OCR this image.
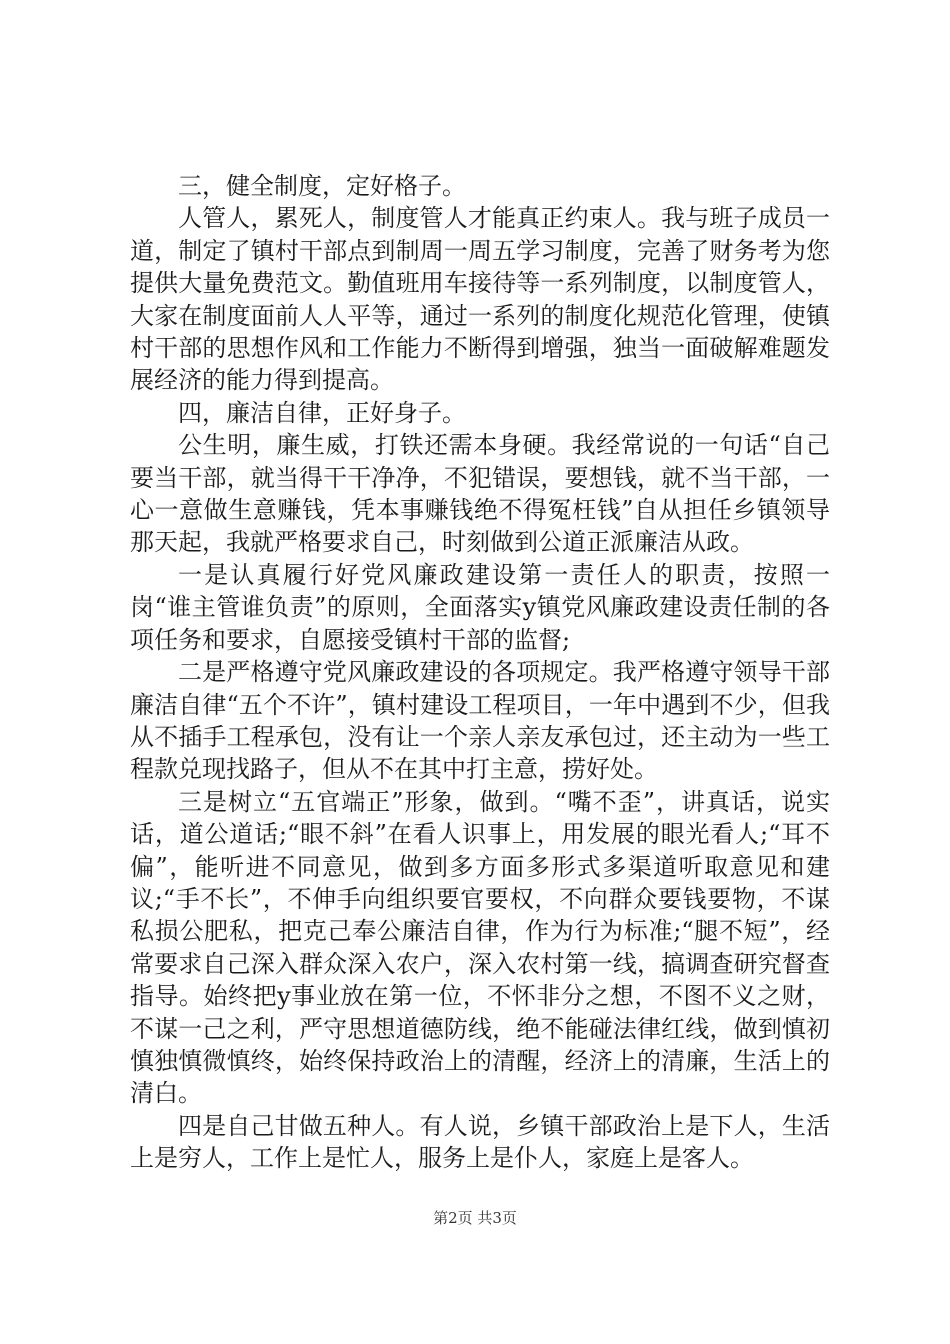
三，健全制度，定好格子。

人管人，累死人，制度管人才能真正约束人。我与班子成员一道，制定了镇村干部点到制周一周五学习制度，完善了财务考为您提供大量免费范文。勤值班用车接待等一系列制度，以制度管人，大家在制度面前人人平等，通过一系列的制度化规范化管理，使镇村干部的思想作风和工作能力不断得到增强，独当一面破解难题发展经济的能力得到提高。

四，廉洁自律，正好身子。

公生明，廉生威，打铁还需本身硬。我经常说的一句话“自己要当干部，就当得干干净净，不犯错误，要想钱，就不当干部，一心一意做生意赚钱，凭本事赚钱绝不得冤枉钱”自从担任乡镇领导那天起，我就严格要求自己，时刻做到公道正派廉洁从政。

一是认真履行好党风廉政建设第一责任人的职责，按照一岗“谁主管谁负责”的原则，全面落实y镇党风廉政建设责任制的各项任务和要求，自愿接受镇村干部的监督;

二是严格遵守党风廉政建设的各项规定。我严格遵守领导干部廉洁自律“五个不许”，镇村建设工程项目，一年中遇到不少，但我从不插手工程承包，没有让一个亲人亲友承包过，还主动为一些工程款兑现找路子，但从不在其中打主意，捞好处。

三是树立“五官端正”形象，做到。“嘴不歪”，讲真话，说实话，道公道话;“眼不斜”在看人识事上，用发展的眼光看人;“耳不偏”，能听进不同意见，做到多方面多形式多渠道听取意见和建议;“手不长”，不伸手向组织要官要权，不向群众要钱要物，不谋私损公肥私，把克己奉公廉洁自律，作为行为标准;“腿不短”，经常要求自己深入群众深入农户，深入农村第一线，搞调查研究督查指导。始终把y事业放在第一位，不怀非分之想，不图不义之财，不谋一己之利，严守思想道德防线，绝不能碰法律红线，做到慎初慎独慎微慎终，始终保持政治上的清醒，经济上的清廉，生活上的清白。

四是自己甘做五种人。有人说，乡镇干部政治上是下人，生活上是穷人，工作上是忙人，服务上是仆人，家庭上是客人。

第2页 共3页
